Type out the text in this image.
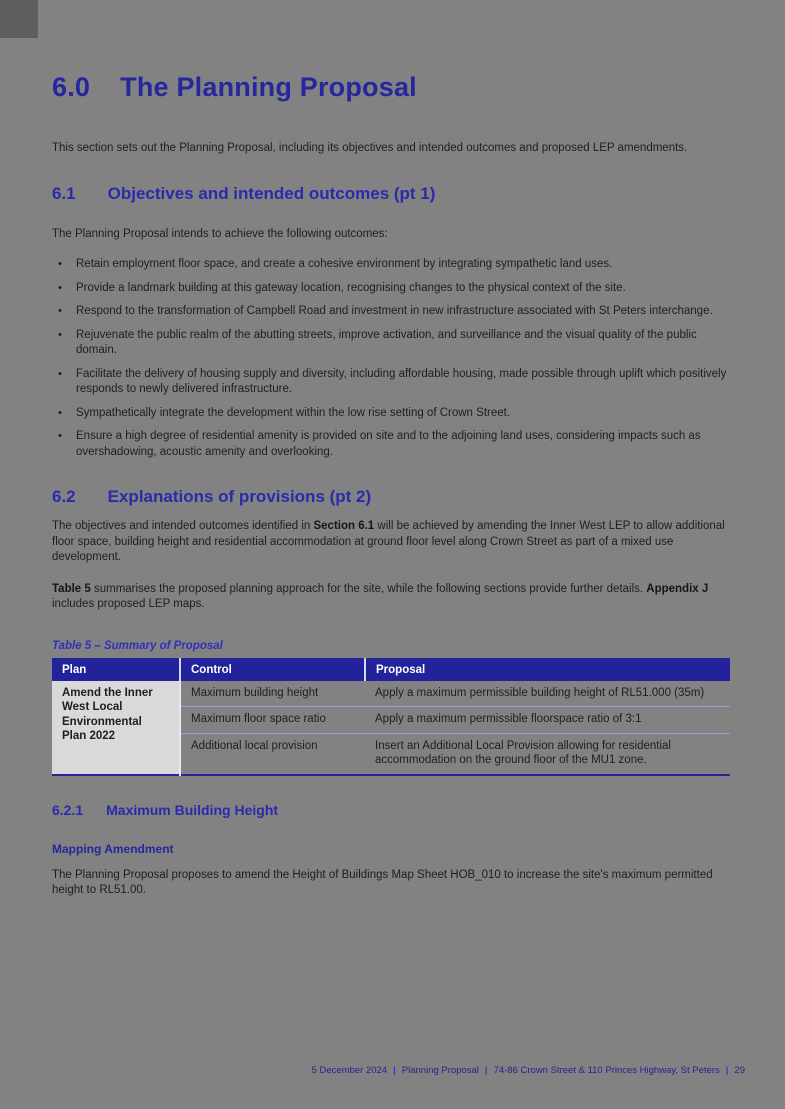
6.0 The Planning Proposal

This section sets out the Planning Proposal, including its objectives and intended outcomes and proposed LEP amendments.

6.1 Objectives and intended outcomes (pt 1)

The Planning Proposal intends to achieve the following outcomes:

• Retain employment floor space, and create a cohesive environment by integrating sympathetic land uses.
• Provide a landmark building at this gateway location, recognising changes to the physical context of the site.
• Respond to the transformation of Campbell Road and investment in new infrastructure associated with St Peters interchange.
• Rejuvenate the public realm of the abutting streets, improve activation, and surveillance and the visual quality of the public domain.
• Facilitate the delivery of housing supply and diversity, including affordable housing, made possible through uplift which positively responds to newly delivered infrastructure.
• Sympathetically integrate the development within the low rise setting of Crown Street.
• Ensure a high degree of residential amenity is provided on site and to the adjoining land uses, considering impacts such as overshadowing, acoustic amenity and overlooking.
6.2 Explanations of provisions (pt 2)

The objectives and intended outcomes identified in Section 6.1 will be achieved by amending the Inner West LEP to allow additional floor space, building height and residential accommodation at ground floor level along Crown Street as part of a mixed use development.

Table 5 summarises the proposed planning approach for the site, while the following sections provide further details. Appendix J includes proposed LEP maps.

Table 5 – Summary of Proposal
Plan	Control	Proposal
Amend the Inner West Local Environmental Plan 2022	Maximum building height	Apply a maximum permissible building height of RL51.000 (35m)
	Maximum floor space ratio	Apply a maximum permissible floorspace ratio of 3:1
	Additional local provision	Insert an Additional Local Provision allowing for residential accommodation on the ground floor of the MU1 zone.
6.2.1 Maximum Building Height
Mapping Amendment

The Planning Proposal proposes to amend the Height of Buildings Map Sheet HOB_010 to increase the site's maximum permitted height to RL51.00.

5 December 2024 | Planning Proposal | 74-86 Crown Street & 110 Princes Highway, St Peters | 29
